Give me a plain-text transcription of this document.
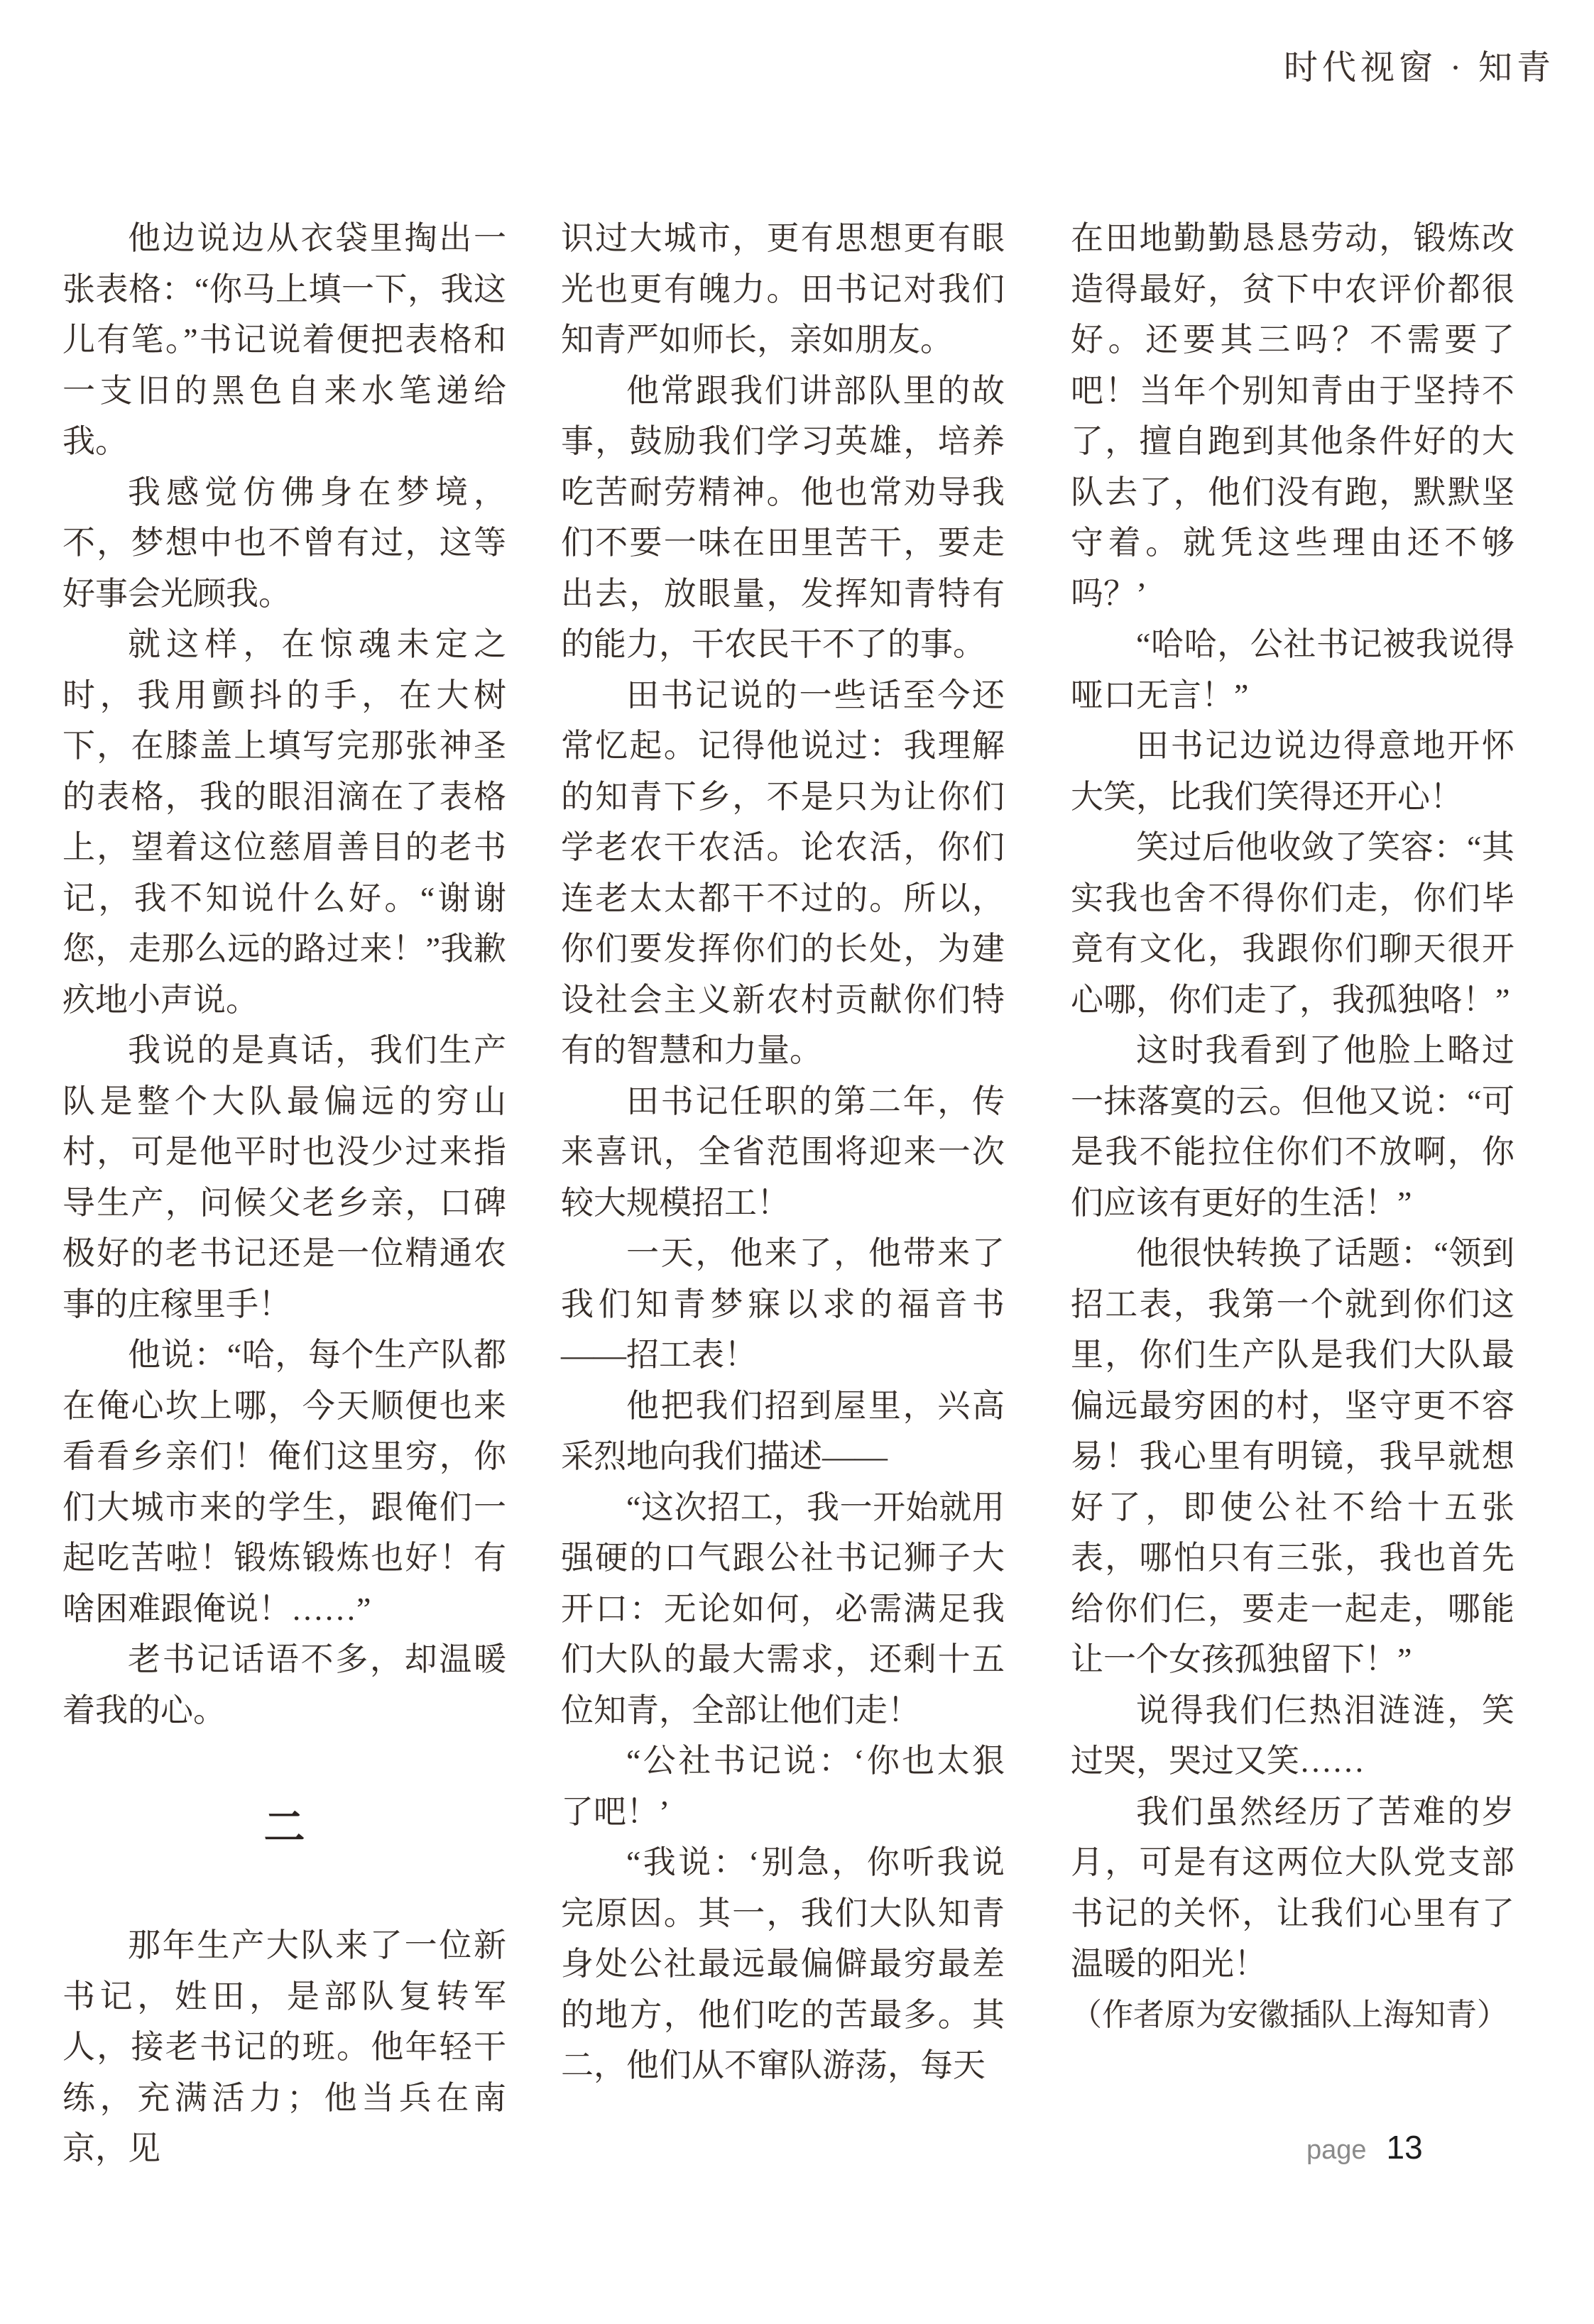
时代视窗 · 知青

他边说边从衣袋里掏出一张表格：“你马上填一下，我这儿有笔。”书记说着便把表格和一支旧的黑色自来水笔递给我。

我感觉仿佛身在梦境，不，梦想中也不曾有过，这等好事会光顾我。

就这样，在惊魂未定之时，我用颤抖的手，在大树下，在膝盖上填写完那张神圣的表格，我的眼泪滴在了表格上，望着这位慈眉善目的老书记，我不知说什么好。“谢谢您，走那么远的路过来！”我歉疚地小声说。

我说的是真话，我们生产队是整个大队最偏远的穷山村，可是他平时也没少过来指导生产，问候父老乡亲，口碑极好的老书记还是一位精通农事的庄稼里手！

他说：“哈，每个生产队都在俺心坎上哪，今天顺便也来看看乡亲们！俺们这里穷，你们大城市来的学生，跟俺们一起吃苦啦！锻炼锻炼也好！有啥困难跟俺说！……”

老书记话语不多，却温暖着我的心。

二

那年生产大队来了一位新书记，姓田，是部队复转军人，接老书记的班。他年轻干练，充满活力；他当兵在南京，见

识过大城市，更有思想更有眼光也更有魄力。田书记对我们知青严如师长，亲如朋友。

他常跟我们讲部队里的故事，鼓励我们学习英雄，培养吃苦耐劳精神。他也常劝导我们不要一味在田里苦干，要走出去，放眼量，发挥知青特有的能力，干农民干不了的事。

田书记说的一些话至今还常忆起。记得他说过：我理解的知青下乡，不是只为让你们学老农干农活。论农活，你们连老太太都干不过的。所以，你们要发挥你们的长处，为建设社会主义新农村贡献你们特有的智慧和力量。

田书记任职的第二年，传来喜讯，全省范围将迎来一次较大规模招工！

一天，他来了，他带来了我们知青梦寐以求的福音书——招工表！

他把我们招到屋里，兴高采烈地向我们描述——

“这次招工，我一开始就用强硬的口气跟公社书记狮子大开口：无论如何，必需满足我们大队的最大需求，还剩十五位知青，全部让他们走！

“公社书记说：‘你也太狠了吧！’

“我说：‘别急，你听我说完原因。其一，我们大队知青身处公社最远最偏僻最穷最差的地方，他们吃的苦最多。其二，他们从不窜队游荡，每天

在田地勤勤恳恳劳动，锻炼改造得最好，贫下中农评价都很好。还要其三吗？不需要了吧！当年个别知青由于坚持不了，擅自跑到其他条件好的大队去了，他们没有跑，默默坚守着。就凭这些理由还不够吗？’

“哈哈，公社书记被我说得哑口无言！”

田书记边说边得意地开怀大笑，比我们笑得还开心！

笑过后他收敛了笑容：“其实我也舍不得你们走，你们毕竟有文化，我跟你们聊天很开心哪，你们走了，我孤独咯！”

这时我看到了他脸上略过一抹落寞的云。但他又说：“可是我不能拉住你们不放啊，你们应该有更好的生活！”

他很快转换了话题：“领到招工表，我第一个就到你们这里，你们生产队是我们大队最偏远最穷困的村，坚守更不容易！我心里有明镜，我早就想好了，即使公社不给十五张表，哪怕只有三张，我也首先给你们仨，要走一起走，哪能让一个女孩孤独留下！”

说得我们仨热泪涟涟，笑过哭，哭过又笑……

我们虽然经历了苦难的岁月，可是有这两位大队党支部书记的关怀，让我们心里有了温暖的阳光！

（作者原为安徽插队上海知青）

page 13
